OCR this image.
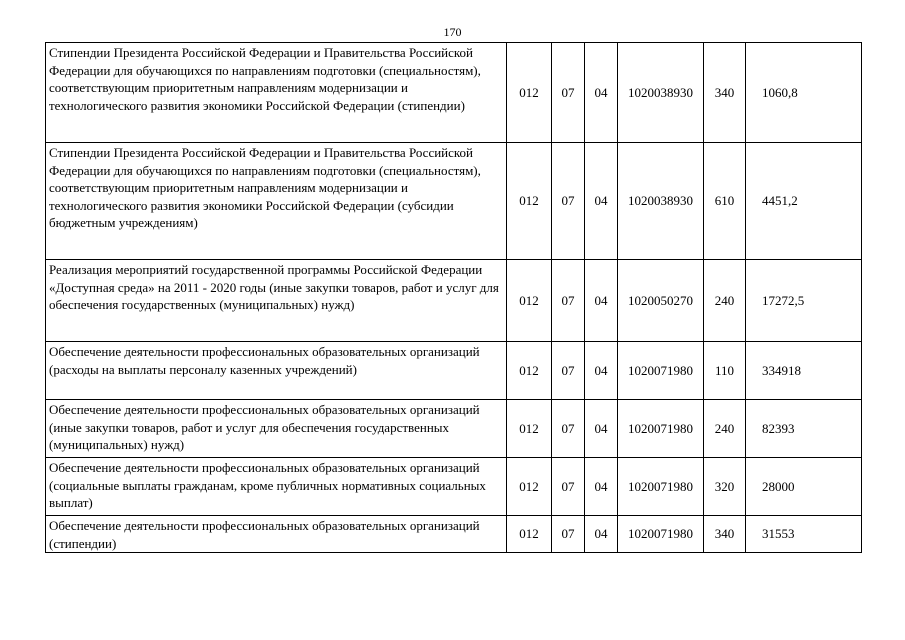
170
Стипендии Президента Российской Федерации и Правительства Российской Федерации для обучающихся по направлениям подготовки (специальностям), соответствующим приоритетным направлениям модернизации и технологического развития экономики Российской Федерации (стипендии)	012	07	04	1020038930	340	1060,8
Стипендии Президента Российской Федерации и Правительства Российской Федерации для обучающихся по направлениям подготовки (специальностям), соответствующим приоритетным направлениям модернизации и технологического развития экономики Российской Федерации (субсидии бюджетным учреждениям)	012	07	04	1020038930	610	4451,2
Реализация мероприятий государственной программы Российской Федерации «Доступная среда» на 2011 - 2020 годы (иные закупки товаров, работ и услуг для обеспечения государственных (муниципальных) нужд)	012	07	04	1020050270	240	17272,5
Обеспечение деятельности профессиональных образовательных организаций (расходы на выплаты персоналу казенных учреждений)	012	07	04	1020071980	110	334918
Обеспечение деятельности профессиональных образовательных организаций (иные закупки товаров, работ и услуг для обеспечения государственных (муниципальных) нужд)	012	07	04	1020071980	240	82393
Обеспечение деятельности профессиональных образовательных организаций (социальные выплаты гражданам, кроме публичных нормативных социальных выплат)	012	07	04	1020071980	320	28000
Обеспечение деятельности профессиональных образовательных организаций (стипендии)	012	07	04	1020071980	340	31553
